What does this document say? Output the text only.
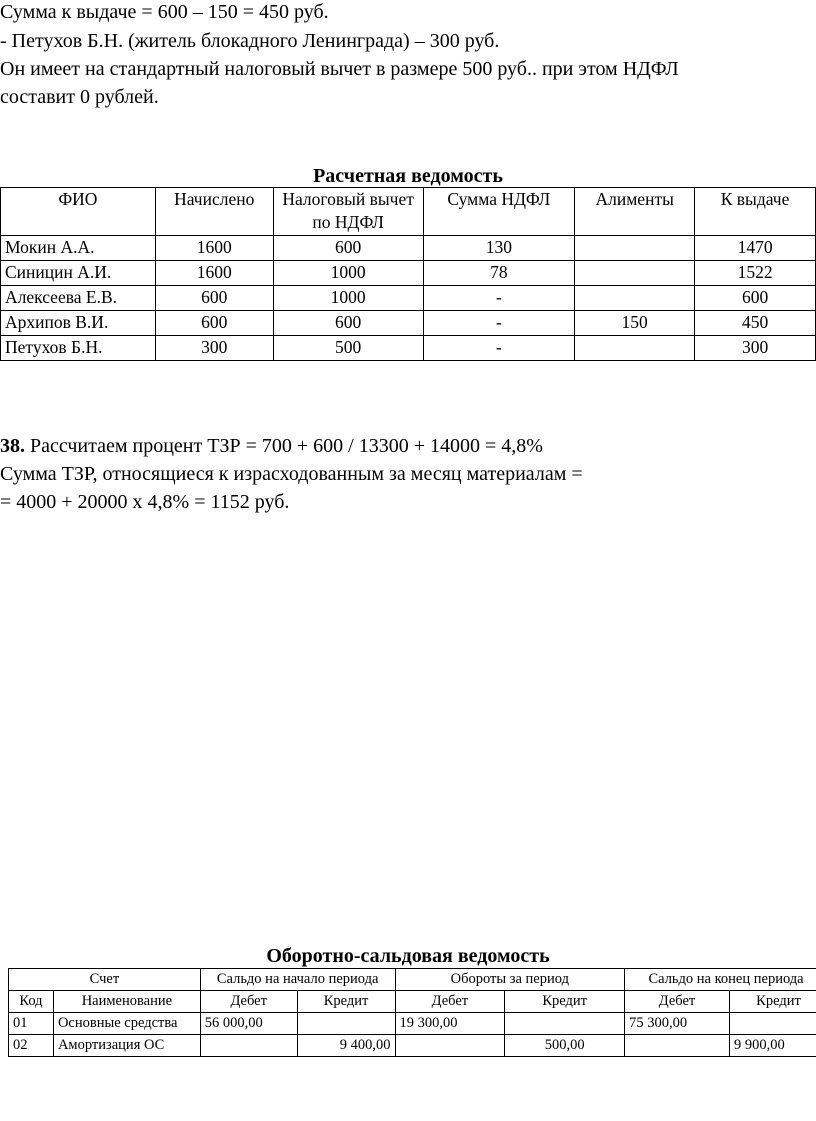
Сумма к выдаче = 600 – 150 = 450 руб.
- Петухов Б.Н. (житель блокадного Ленинграда) – 300 руб.
Он имеет на стандартный налоговый вычет в размере 500 руб.. при этом НДФЛ
составит 0 рублей.
Расчетная ведомость
ФИО	Начислено	Налоговый вычет по НДФЛ	Сумма НДФЛ	Алименты	К выдаче
Мокин А.А.	1600	600	130		1470
Синицин А.И.	1600	1000	78		1522
Алексеева Е.В.	600	1000	-		600
Архипов В.И.	600	600	-	150	450
Петухов Б.Н.	300	500	-		300
38. Рассчитаем процент ТЗР = 700 + 600 / 13300 + 14000 = 4,8%
Сумма ТЗР, относящиеся к израсходованным за месяц материалам =
= 4000 + 20000 х 4,8% = 1152 руб.
Оборотно-сальдовая ведомость
Счет		Сальдо на начало периода		Обороты за период		Сальдо на конец периода	
Код	Наименование	Дебет	Кредит	Дебет	Кредит	Дебет	Кредит
01	Основные средства	56 000,00		19 300,00		75 300,00	
02	Амортизация ОС		9 400,00		500,00		9 900,00
